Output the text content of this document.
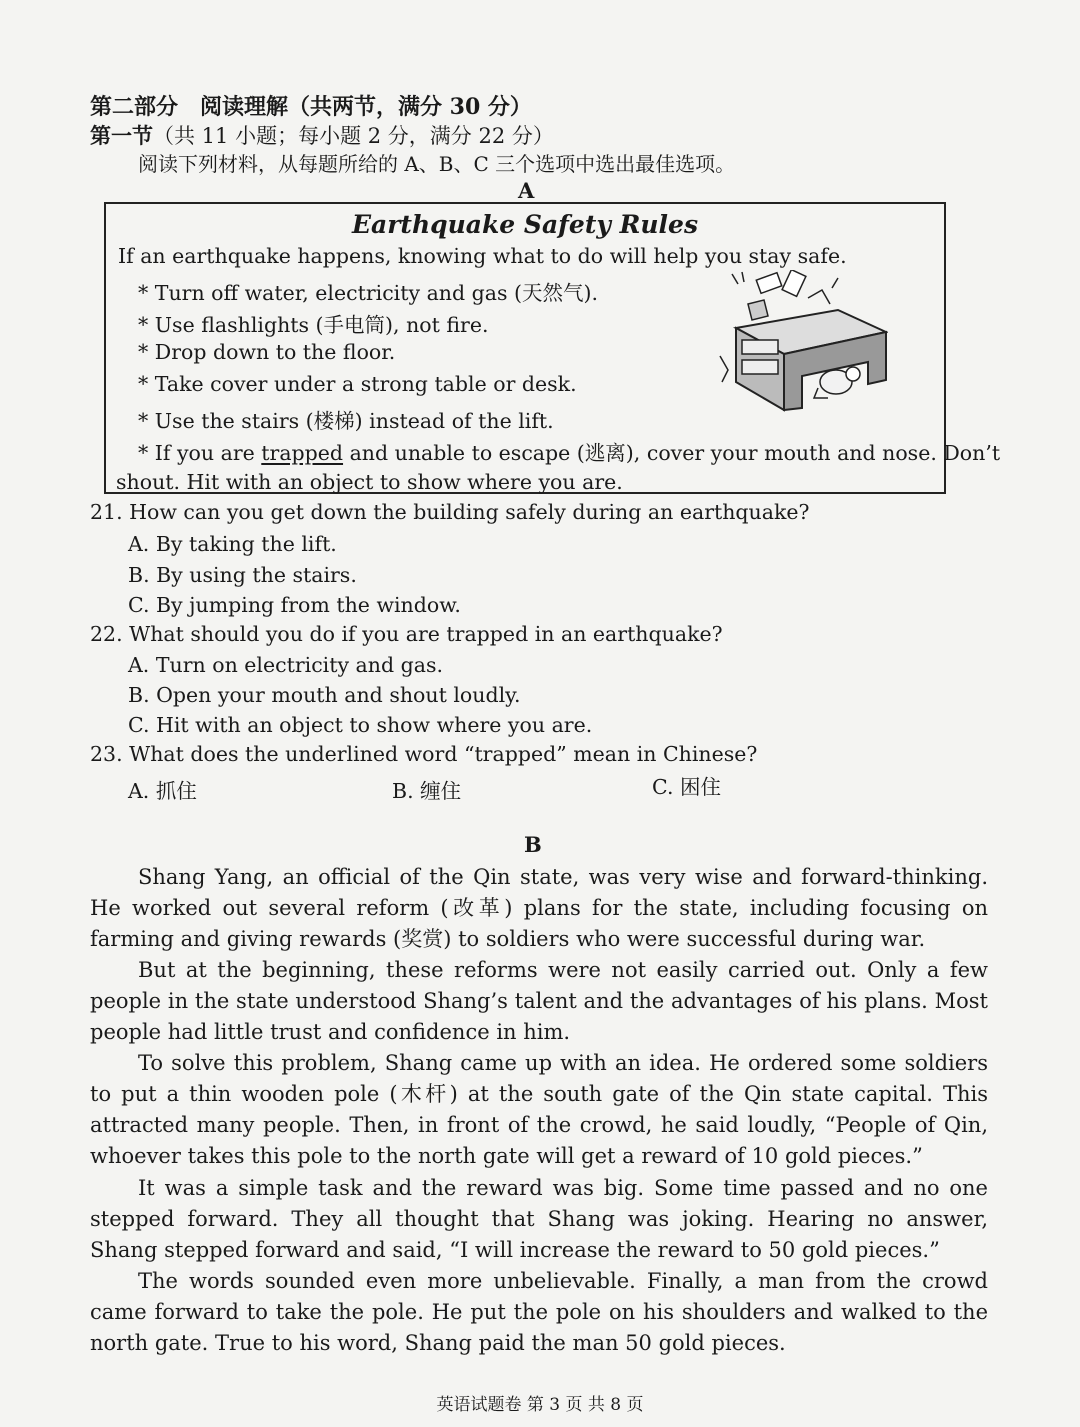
第二部分　阅读理解（共两节，满分 30 分）
第一节（共 11 小题；每小题 2 分，满分 22 分）
阅读下列材料，从每题所给的 A、B、C 三个选项中选出最佳选项。
A
Earthquake Safety Rules
If an earthquake happens, knowing what to do will help you stay safe.
* Turn off water, electricity and gas (天然气).
* Use flashlights (手电筒), not fire.
* Drop down to the floor.
* Take cover under a strong table or desk.
* Use the stairs (楼梯) instead of the lift.
* If you are trapped and unable to escape (逃离), cover your mouth and nose. Don’t
shout. Hit with an object to show where you are.
21. How can you get down the building safely during an earthquake?
A. By taking the lift.
B. By using the stairs.
C. By jumping from the window.
22. What should you do if you are trapped in an earthquake?
A. Turn on electricity and gas.
B. Open your mouth and shout loudly.
C. Hit with an object to show where you are.
23. What does the underlined word “trapped” mean in Chinese?
A. 抓住	B. 缠住	C. 困住
B
Shang Yang, an official of the Qin state, was very wise and forward-thinking. He worked out several reform (改革) plans for the state, including focusing on farming and giving rewards (奖赏) to soldiers who were successful during war.
But at the beginning, these reforms were not easily carried out. Only a few people in the state understood Shang’s talent and the advantages of his plans. Most people had little trust and confidence in him.
To solve this problem, Shang came up with an idea. He ordered some soldiers to put a thin wooden pole (木杆) at the south gate of the Qin state capital. This attracted many people. Then, in front of the crowd, he said loudly, “People of Qin, whoever takes this pole to the north gate will get a reward of 10 gold pieces.”
It was a simple task and the reward was big. Some time passed and no one stepped forward. They all thought that Shang was joking. Hearing no answer, Shang stepped forward and said, “I will increase the reward to 50 gold pieces.”
The words sounded even more unbelievable. Finally, a man from the crowd came forward to take the pole. He put the pole on his shoulders and walked to the north gate. True to his word, Shang paid the man 50 gold pieces.
英语试题卷 第 3 页 共 8 页
